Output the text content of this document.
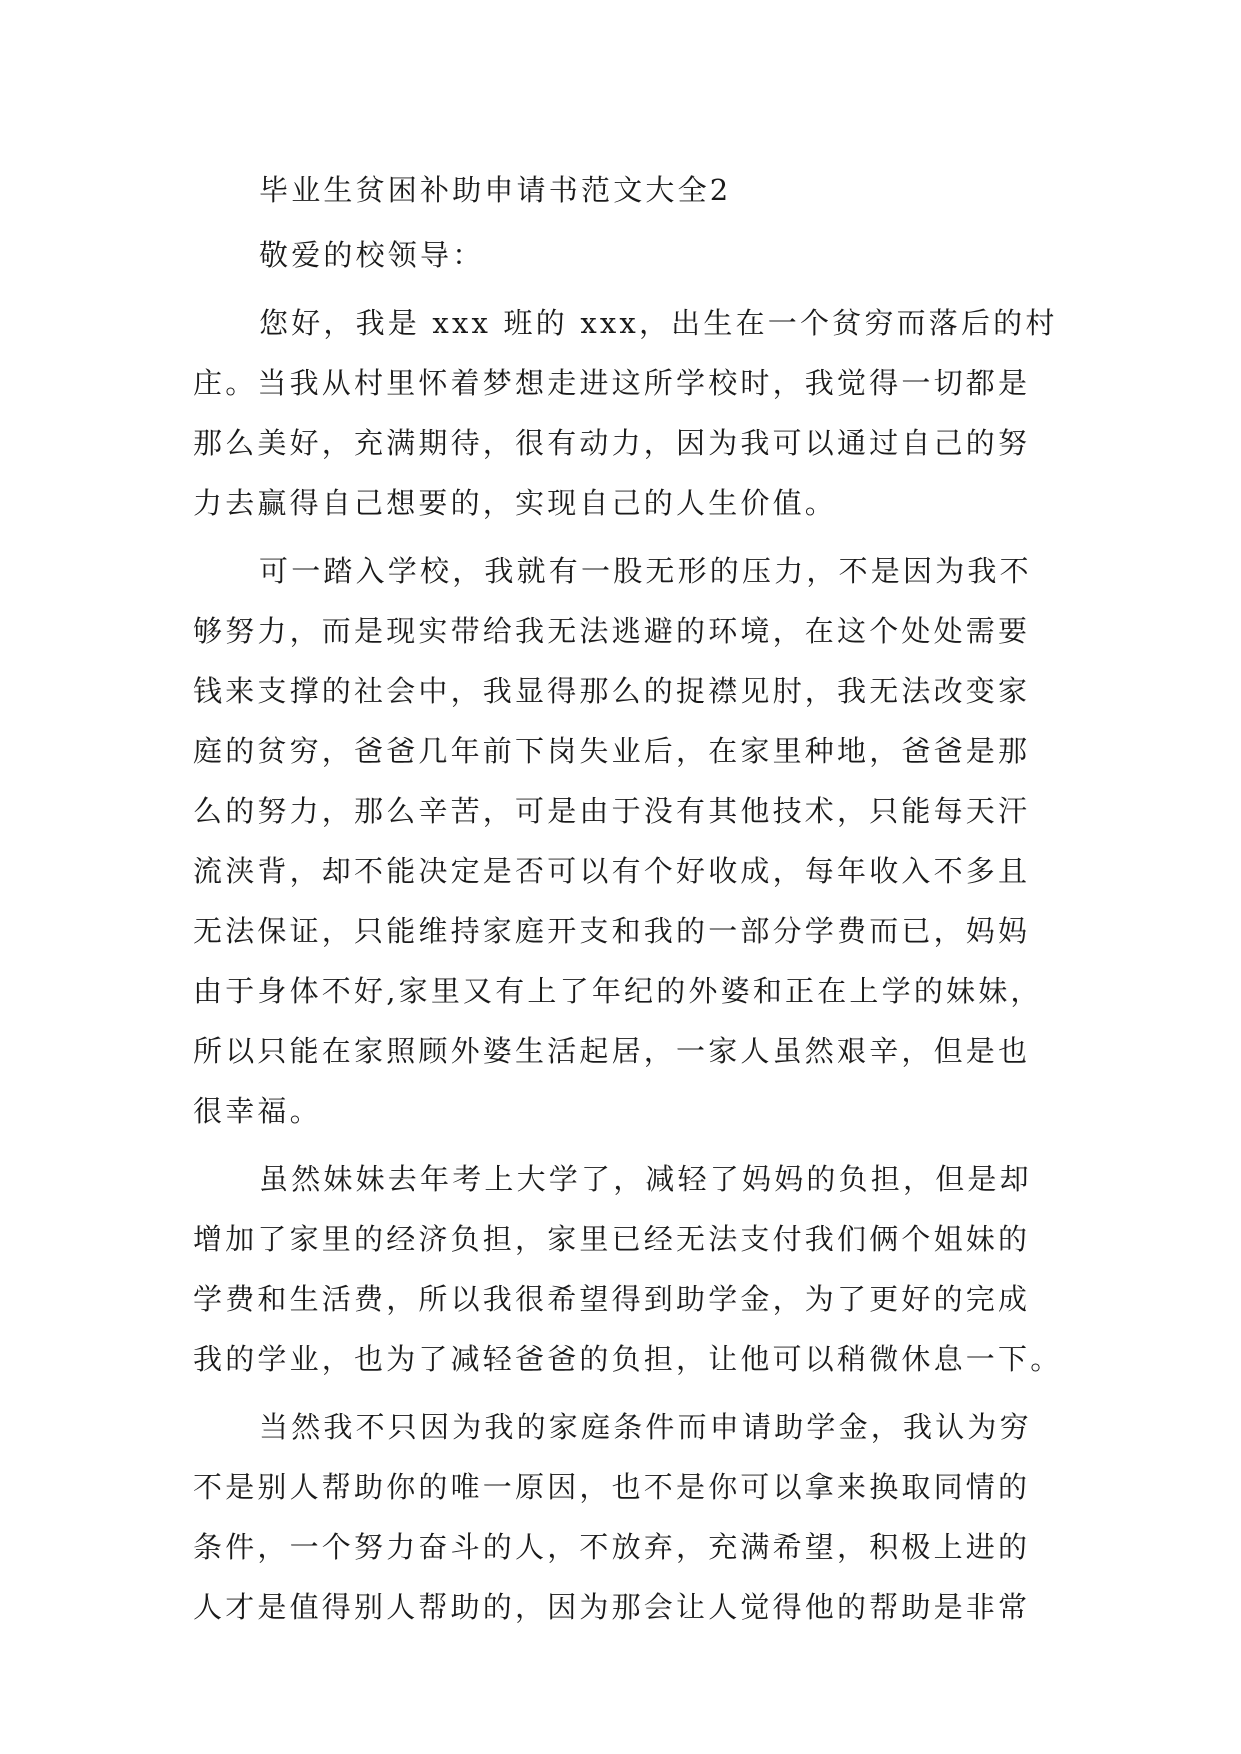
毕业生贫困补助申请书范文大全2
敬爱的校领导：
您好，我是 xxx 班的 xxx，出生在一个贫穷而落后的村
庄。当我从村里怀着梦想走进这所学校时，我觉得一切都是
那么美好，充满期待，很有动力，因为我可以通过自己的努
力去赢得自己想要的，实现自己的人生价值。
可一踏入学校，我就有一股无形的压力，不是因为我不
够努力，而是现实带给我无法逃避的环境，在这个处处需要
钱来支撑的社会中，我显得那么的捉襟见肘，我无法改变家
庭的贫穷，爸爸几年前下岗失业后，在家里种地，爸爸是那
么的努力，那么辛苦，可是由于没有其他技术，只能每天汗
流浃背，却不能决定是否可以有个好收成，每年收入不多且
无法保证，只能维持家庭开支和我的一部分学费而已，妈妈
由于身体不好,家里又有上了年纪的外婆和正在上学的妹妹，
所以只能在家照顾外婆生活起居，一家人虽然艰辛，但是也
很幸福。
虽然妹妹去年考上大学了，减轻了妈妈的负担，但是却
增加了家里的经济负担，家里已经无法支付我们俩个姐妹的
学费和生活费，所以我很希望得到助学金，为了更好的完成
我的学业，也为了减轻爸爸的负担，让他可以稍微休息一下。
当然我不只因为我的家庭条件而申请助学金，我认为穷
不是别人帮助你的唯一原因，也不是你可以拿来换取同情的
条件，一个努力奋斗的人，不放弃，充满希望，积极上进的
人才是值得别人帮助的，因为那会让人觉得他的帮助是非常
